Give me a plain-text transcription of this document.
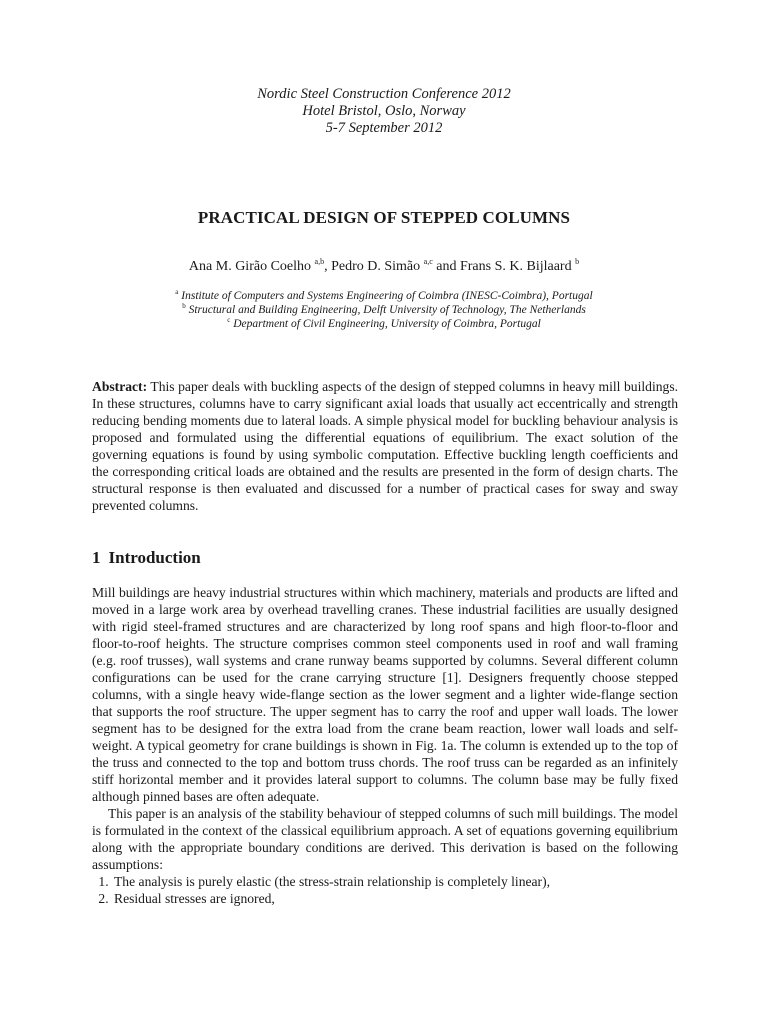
Nordic Steel Construction Conference 2012
Hotel Bristol, Oslo, Norway
5-7 September 2012
PRACTICAL DESIGN OF STEPPED COLUMNS
Ana M. Girão Coelho $^{a,b}$, Pedro D. Simão $^{a,c}$ and Frans S. K. Bijlaard $^b$
$^a$ Institute of Computers and Systems Engineering of Coimbra (INESC-Coimbra), Portugal
$^b$ Structural and Building Engineering, Delft University of Technology, The Netherlands
$^c$ Department of Civil Engineering, University of Coimbra, Portugal
Abstract: This paper deals with buckling aspects of the design of stepped columns in heavy mill buildings. In these structures, columns have to carry significant axial loads that usually act eccentrically and strength reducing bending moments due to lateral loads. A simple physical model for buckling behaviour analysis is proposed and formulated using the differential equations of equilibrium. The exact solution of the governing equations is found by using symbolic computation. Effective buckling length coefficients and the corresponding critical loads are obtained and the results are presented in the form of design charts. The structural response is then evaluated and discussed for a number of practical cases for sway and sway prevented columns.
1 Introduction

Mill buildings are heavy industrial structures within which machinery, materials and products are lifted and moved in a large work area by overhead travelling cranes. These industrial facilities are usually designed with rigid steel-framed structures and are characterized by long roof spans and high floor-to-floor and floor-to-roof heights. The structure comprises common steel components used in roof and wall framing (e.g. roof trusses), wall systems and crane runway beams supported by columns. Several different column configurations can be used for the crane carrying structure [1]. Designers frequently choose stepped columns, with a single heavy wide-flange section as the lower segment and a lighter wide-flange section that supports the roof structure. The upper segment has to carry the roof and upper wall loads. The lower segment has to be designed for the extra load from the crane beam reaction, lower wall loads and self-weight. A typical geometry for crane buildings is shown in Fig. 1a. The column is extended up to the top of the truss and connected to the top and bottom truss chords. The roof truss can be regarded as an infinitely stiff horizontal member and it provides lateral support to columns. The column base may be fully fixed although pinned bases are often adequate.

This paper is an analysis of the stability behaviour of stepped columns of such mill buildings. The model is formulated in the context of the classical equilibrium approach. A set of equations governing equilibrium along with the appropriate boundary conditions are derived. This derivation is based on the following assumptions:

1. The analysis is purely elastic (the stress-strain relationship is completely linear),
2. Residual stresses are ignored,
